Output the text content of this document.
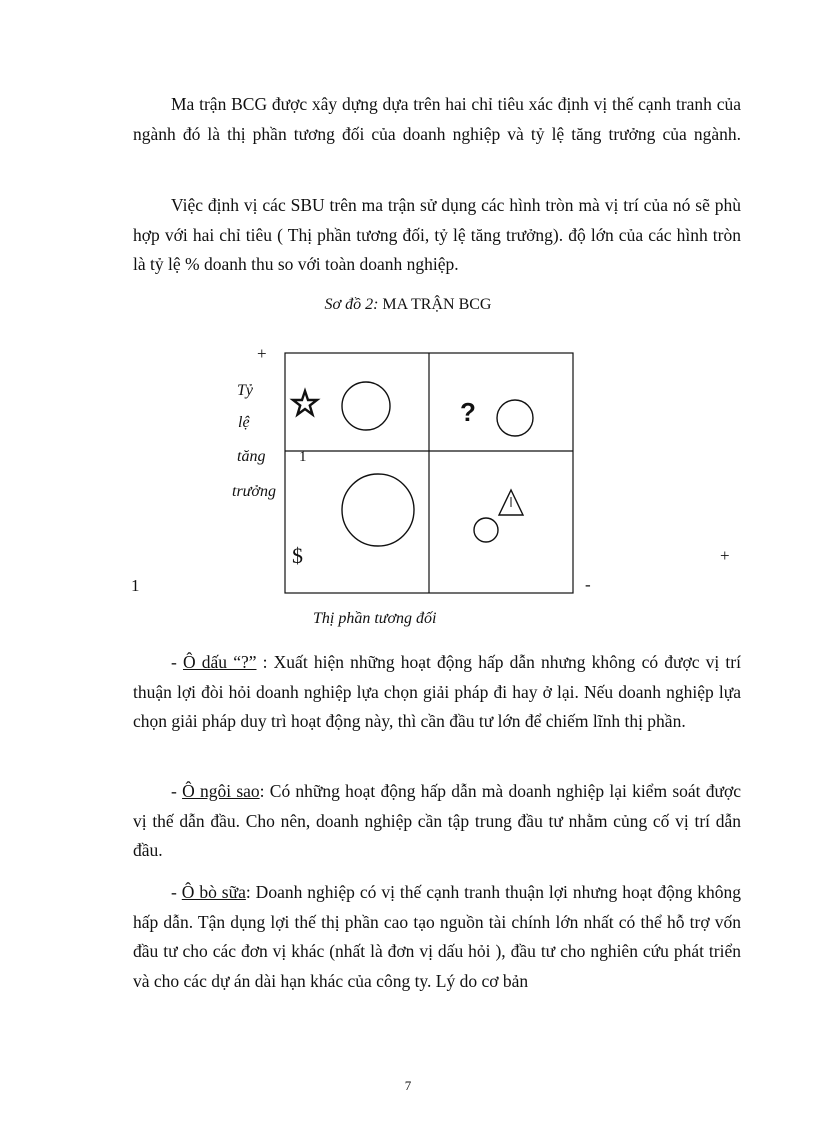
Ma trận BCG được xây dựng dựa trên hai chỉ tiêu xác định vị thế cạnh tranh của ngành đó là thị phần tương đối của doanh nghiệp và tỷ lệ tăng trưởng của ngành.

Việc định vị các SBU trên ma trận sử dụng các hình tròn mà vị trí của nó sẽ phù hợp với hai chỉ tiêu ( Thị phần tương đối, tỷ lệ tăng trưởng). độ lớn của các hình tròn là tỷ lệ % doanh thu so với toàn doanh nghiệp.

Sơ đồ 2: MA TRẬN BCG
+
Tỷ
lệ
tăng
trưởng
1
?
$
1	-
+
Thị phần tương đối

- Ô dấu “?” : Xuất hiện những hoạt động hấp dẫn nhưng không có được vị trí thuận lợi đòi hỏi doanh nghiệp lựa chọn giải pháp đi hay ở lại. Nếu doanh nghiệp lựa chọn giải pháp duy trì hoạt động này, thì cần đầu tư lớn để chiếm lĩnh thị phần.

- Ô ngôi sao: Có những hoạt động hấp dẫn mà doanh nghiệp lại kiểm soát được vị thế dẫn đầu. Cho nên, doanh nghiệp cần tập trung đầu tư nhằm củng cố vị trí dẫn đầu.

- Ô bò sữa: Doanh nghiệp có vị thế cạnh tranh thuận lợi nhưng hoạt động không hấp dẫn. Tận dụng lợi thế thị phần cao tạo nguồn tài chính lớn nhất có thể hỗ trợ vốn đầu tư cho các đơn vị khác (nhất là đơn vị dấu hỏi ), đầu tư cho nghiên cứu phát triển và cho các dự án dài hạn khác của công ty. Lý do cơ bản

7
